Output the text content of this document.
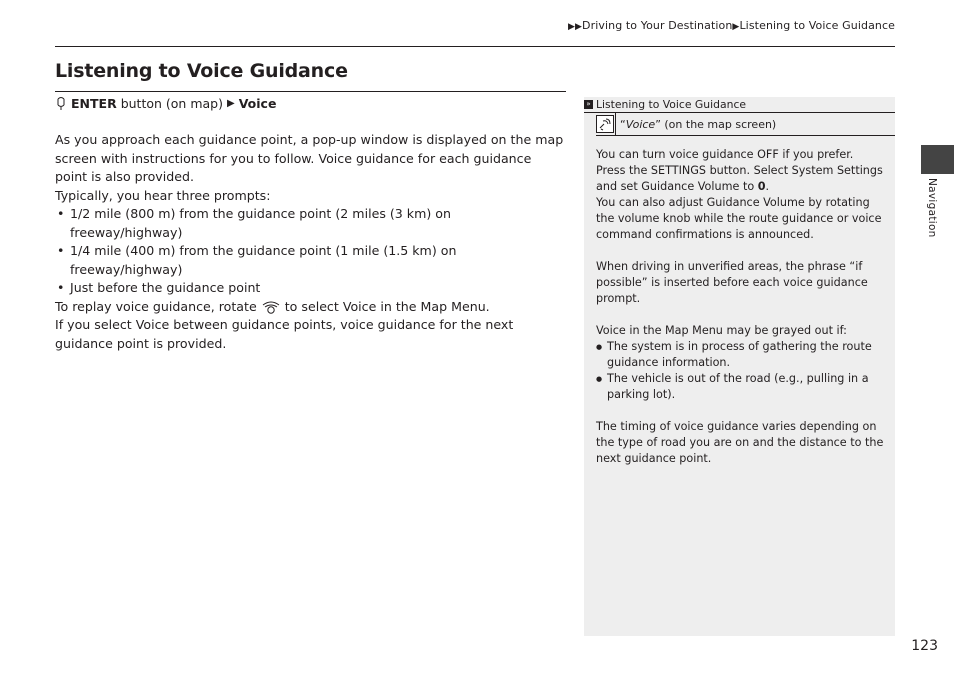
▶▶Driving to Your Destination▶Listening to Voice Guidance
Listening to Voice Guidance
ENTER button (on map) ▶ Voice

As you approach each guidance point, a pop-up window is displayed on the map screen with instructions for you to follow. Voice guidance for each guidance point is also provided.

Typically, you hear three prompts:

• 1/2 mile (800 m) from the guidance point (2 miles (3 km) on freeway/highway)
• 1/4 mile (400 m) from the guidance point (1 mile (1.5 km) on freeway/highway)
• Just before the guidance point

To replay voice guidance, rotate to select Voice in the Map Menu.

If you select Voice between guidance points, voice guidance for the next guidance point is provided.

» Listening to Voice Guidance
“Voice” (on the map screen)

You can turn voice guidance OFF if you prefer. Press the SETTINGS button. Select System Settings and set Guidance Volume to 0.

You can also adjust Guidance Volume by rotating the volume knob while the route guidance or voice command confirmations is announced.

When driving in unverified areas, the phrase “if possible” is inserted before each voice guidance prompt.

Voice in the Map Menu may be grayed out if:

● The system is in process of gathering the route guidance information.
● The vehicle is out of the road (e.g., pulling in a parking lot).

The timing of voice guidance varies depending on the type of road you are on and the distance to the next guidance point.

Navigation
123
